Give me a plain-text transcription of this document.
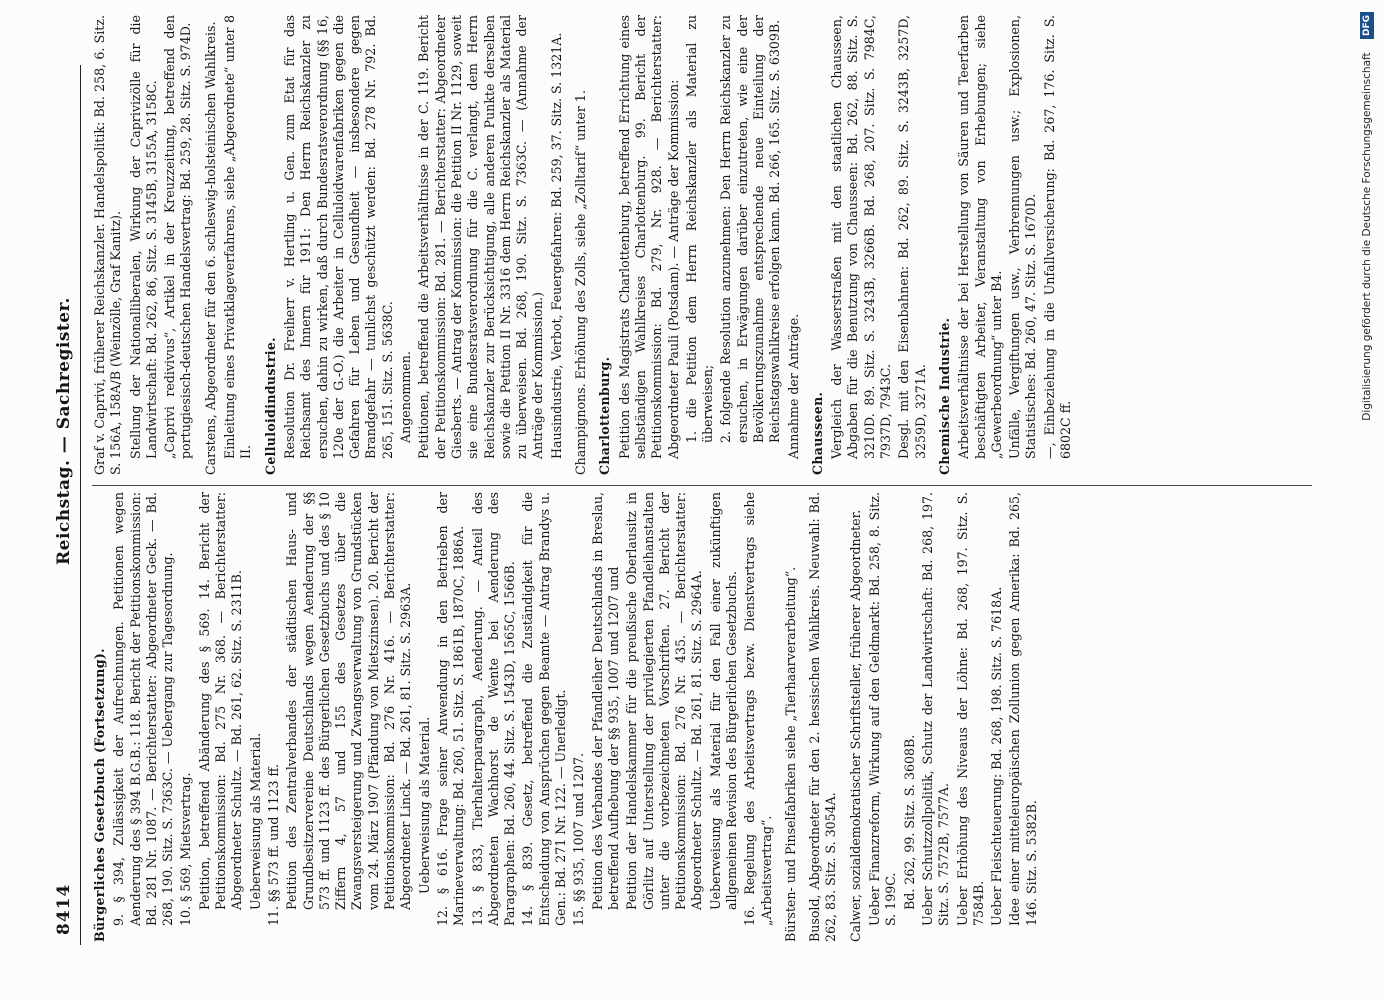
8414
Reichstag. — Sachregister.
Bürgerliches Gesetzbuch (Fortsetzung). 9. § 394, Zulässigkeit der Aufrechnungen. Petitionen wegen Aenderung des § 394 B.G.B.: 118. Bericht der Petitionskommission: Bd. 281 Nr. 1087. — Berichterstatter: Abgeordneter Geck. — Bd. 268, 190. Sitz. S. 7363C. — Uebergang zur Tagesordnung. 10. § 569, Mietsvertrag. Petition, betreffend Abänderung des § 569. 14. Bericht der Petitionskommission: Bd. 275 Nr. 368. — Berichterstatter: Abgeordneter Schultz. — Bd. 261, 62. Sitz. S. 2311B. Ueberweisung als Material. 11. §§ 573 ff. und 1123 ff. Petition des Zentralverbandes der städtischen Haus- und Grundbesitzervereine Deutschlands wegen Aenderung der §§ 573 ff. und 1123 ff. des Bürgerlichen Gesetzbuchs und des § 10 Ziffern 4, 57 und 155 des Gesetzes über die Zwangsversteigerung und Zwangsverwaltung von Grundstücken vom 24. März 1907 (Pfändung von Mietszinsen). 20. Bericht der Petitionskommission: Bd. 276 Nr. 416. — Berichterstatter: Abgeordneter Linck. — Bd. 261, 81. Sitz. S. 2963A. Ueberweisung als Material. 12. § 616. Frage seiner Anwendung in den Betrieben der Marineverwaltung: Bd. 260, 51. Sitz. S. 1861B, 1870C, 1886A. 13. § 833, Tierhalterparagraph, Aenderung. — Anteil des Abgeordneten Wachhorst de Wente bei Aenderung des Paragraphen: Bd. 260, 44. Sitz. S. 1543D, 1565C, 1566B. 14. § 839. Gesetz, betreffend die Zuständigkeit für die Entscheidung von Ansprüchen gegen Beamte — Antrag Brandys u. Gen.: Bd. 271 Nr. 122. — Unerledigt. 15. §§ 935, 1007 und 1207. Petition des Verbandes der Pfandleiher Deutschlands in Breslau, betreffend Aufhebung der §§ 935, 1007 und 1207 und Petition der Handelskammer für die preußische Oberlausitz in Görlitz auf Unterstellung der privilegierten Pfandleihanstalten unter die vorbezeichneten Vorschriften. 27. Bericht der Petitionskommission: Bd. 276 Nr. 435. — Berichterstatter: Abgeordneter Schultz. — Bd. 261, 81. Sitz. S. 2964A. Ueberweisung als Material für den Fall einer zukünftigen allgemeinen Revision des Bürgerlichen Gesetzbuchs. 16. Regelung des Arbeitsvertrags bezw. Dienstvertrags siehe „Arbeitsvertrag“. Bürsten- und Pinselfabriken siehe „Tierhaarverarbeitung“. Busold, Abgeordneter für den 2. hessischen Wahlkreis. Neuwahl: Bd. 262, 83. Sitz. S. 3054A. Calwer, sozialdemokratischer Schriftsteller, früherer Abgeordneter. Ueber Finanzreform, Wirkung auf den Geldmarkt: Bd. 258, 8. Sitz. S. 199C. Bd. 262, 99. Sitz. S. 3608B. Ueber Schutzzollpolitik, Schutz der Landwirtschaft: Bd. 268, 197. Sitz. S. 7572B, 7577A. Ueber Erhöhung des Niveaus der Löhne: Bd. 268, 197. Sitz. S. 7584B. Ueber Fleischteuerung: Bd. 268, 198. Sitz. S. 7618A. Idee einer mitteleuropäischen Zollunion gegen Amerika: Bd. 265, 146. Sitz. S. 5382B.
Graf v. Caprivi, früherer Reichskanzler. Handelspolitik: Bd. 258, 6. Sitz. S. 156A, 158A/B (Weinzölle, Graf Kanitz). Stellung der Nationalliberalen, Wirkung der Caprivizölle für die Landwirtschaft: Bd. 262, 86, Sitz. S. 3145B, 3155A, 3158C. „Caprivi redivivus“, Artikel in der Kreuzzeitung, betreffend den portugiesisch-deutschen Handelsvertrag: Bd. 259, 28. Sitz. S. 974D. Carstens, Abgeordneter für den 6. schleswig-holsteinischen Wahlkreis. Einleitung eines Privatklageverfahrens, siehe „Abgeordnete“ unter 8 II. Celluloidindustrie. Resolution Dr. Freiherr v. Hertling u. Gen. zum Etat für das Reichsamt des Innern für 1911: Den Herrn Reichskanzler zu ersuchen, dahin zu wirken, daß durch Bundesratsverordnung (§§ 16, 120e der G.-O.) die Arbeiter in Celluloidwarenfabriken gegen die Gefahren für Leben und Gesundheit — insbesondere gegen Brandgefahr — tunlichst geschützt werden: Bd. 278 Nr. 792. Bd. 265, 151. Sitz. S. 5638C. Angenommen. Petitionen, betreffend die Arbeitsverhältnisse in der C. 119. Bericht der Petitionskommission: Bd. 281. — Berichterstatter: Abgeordneter Giesberts. — Antrag der Kommission: die Petition II Nr. 1129, soweit sie eine Bundesratsverordnung für die C. verlangt, dem Herrn Reichskanzler zur Berücksichtigung, alle anderen Punkte derselben sowie die Petition II Nr. 3316 dem Herrn Reichskanzler als Material zu überweisen. Bd. 268, 190. Sitz. S. 7363C. — (Annahme der Anträge der Kommission.) Hausindustrie, Verbot, Feuergefahren: Bd. 259, 37. Sitz. S. 1321A. Champignons. Erhöhung des Zolls, siehe „Zolltarif“ unter 1. Charlottenburg. Petition des Magistrats Charlottenburg, betreffend Errichtung eines selbständigen Wahlkreises Charlottenburg. 99. Bericht der Petitionskommission: Bd. 279, Nr. 928. — Berichterstatter: Abgeordneter Pauli (Potsdam). — Anträge der Kommission: 1. die Petition dem Herrn Reichskanzler als Material zu überweisen; 2. folgende Resolution anzunehmen: Den Herrn Reichskanzler zu ersuchen, in Erwägungen darüber einzutreten, wie eine der Bevölkerungszunahme entsprechende neue Einteilung der Reichstagswahlkreise erfolgen kann. Bd. 266, 165. Sitz. S. 6309B. Annahme der Anträge. Chausseen. Vergleich der Wasserstraßen mit den staatlichen Chausseen, Abgaben für die Benutzung von Chausseen: Bd. 262, 88. Sitz. S. 3210D. 89. Sitz. S. 3243B, 3266B. Bd. 268, 207. Sitz. S. 7984C, 7937D, 7943C. Desgl. mit den Eisenbahnen: Bd. 262, 89. Sitz. S. 3243B, 3257D, 3259D, 3271A. Chemische Industrie. Arbeitsverhältnisse der bei Herstellung von Säuren und Teerfarben beschäftigten Arbeiter, Veranstaltung von Erhebungen; siehe „Gewerbeordnung“ unter B4. Unfälle, Vergiftungen usw., Verbrennungen usw.; Explosionen, Statistisches: Bd. 260, 47. Sitz. S. 1670D. —, Einbeziehung in die Unfallversicherung: Bd. 267, 176. Sitz. S. 6802C ff.
Digitalisierung gefördert durch die Deutsche Forschungsgemeinschaft DFG
